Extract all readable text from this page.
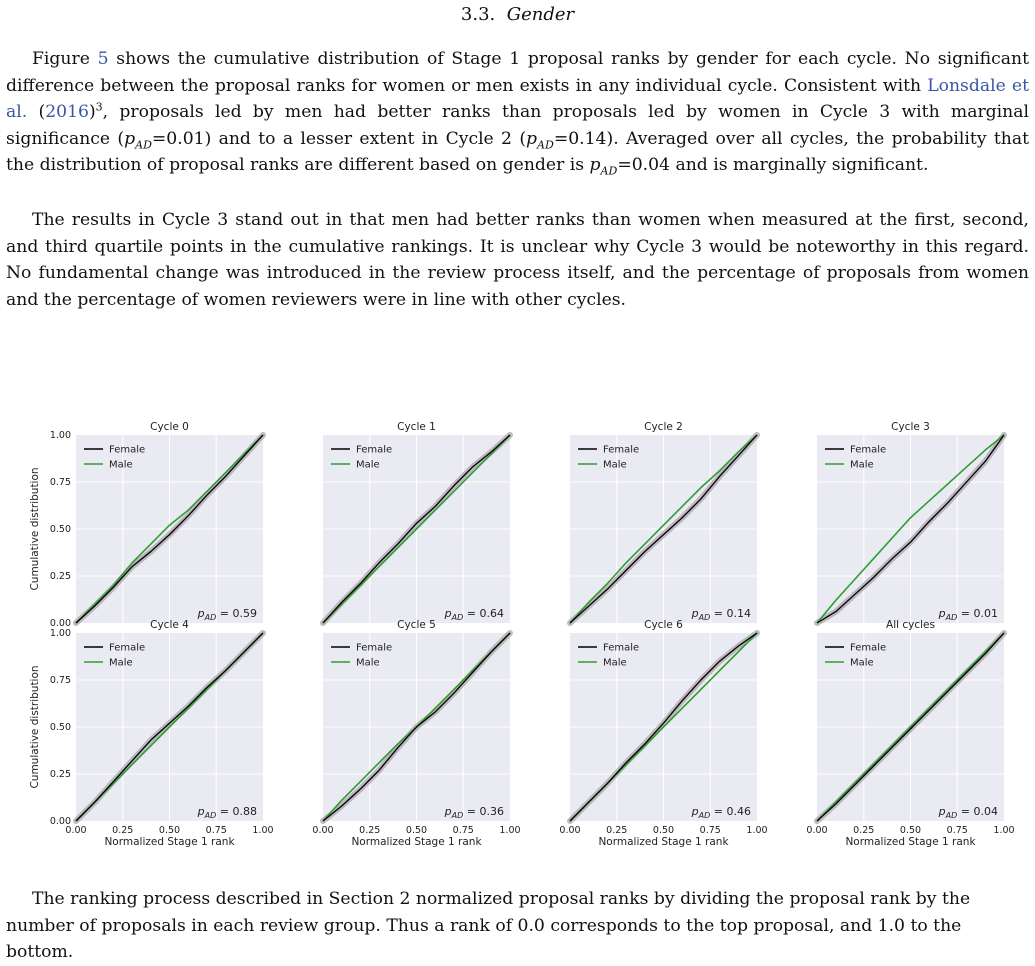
3.3. Gender

Figure 5 shows the cumulative distribution of Stage 1 proposal ranks by gender for each cycle. No significant difference between the proposal ranks for women or men exists in any individual cycle. Consistent with Lonsdale et al. $(2016)^3$, proposals led by men had better ranks than proposals led by women in Cycle 3 with marginal significance $(p_{AD}=0.01)$ and to a lesser extent in Cycle 2 $(p_{AD}=0.14)$. Averaged over all cycles, the probability that the distribution of proposal ranks are different based on gender is $p_{AD}=0.04$ and is marginally significant.

The results in Cycle 3 stand out in that men had better ranks than women when measured at the first, second, and third quartile points in the cumulative rankings. It is unclear why Cycle 3 would be noteworthy in this regard. No fundamental change was introduced in the review process itself, and the percentage of proposals from women and the percentage of women reviewers were in line with other cycles.

Cycle 0
Female
Male
$p_{AD} = 0.59$
0.00
0.25
0.50
0.75
1.00
Cumulative distribution
Cycle 1
Female
Male
$p_{AD} = 0.64$
Cycle 2
Female
Male
$p_{AD} = 0.14$
Cycle 3
Female
Male
$p_{AD} = 0.01$
Cycle 4
Female
Male
$p_{AD} = 0.88$
0.00
0.25
0.50
0.75
1.00
Cumulative distribution
0.00	0.25	0.50	0.75	1.00
Normalized Stage 1 rank
Cycle 5
Female
Male
$p_{AD} = 0.36$
0.00	0.25	0.50	0.75	1.00
Normalized Stage 1 rank
Cycle 6
Female
Male
$p_{AD} = 0.46$
0.00	0.25	0.50	0.75	1.00
Normalized Stage 1 rank
All cycles
Female
Male
$p_{AD} = 0.04$
0.00	0.25	0.50	0.75	1.00
Normalized Stage 1 rank
The ranking process described in Section 2 normalized proposal ranks by dividing the proposal rank by the number of proposals in each review group. Thus a rank of 0.0 corresponds to the top proposal, and 1.0 to the bottom.
